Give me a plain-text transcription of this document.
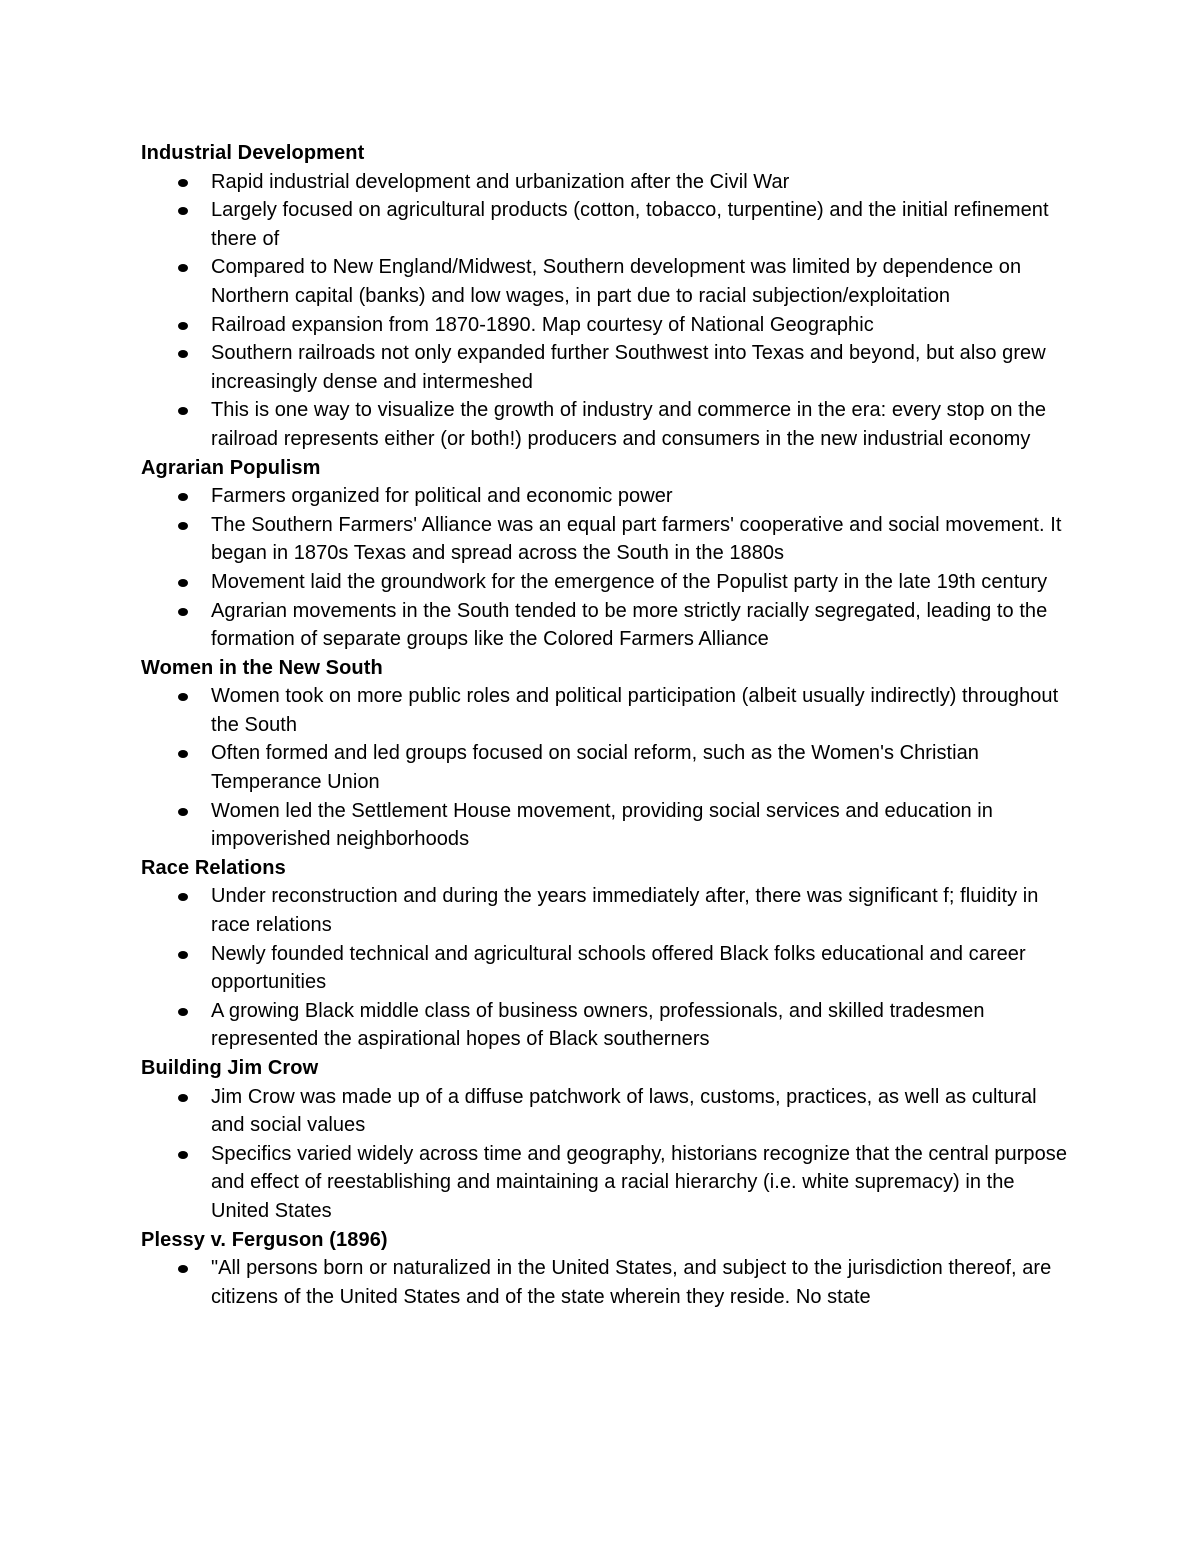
Industrial Development

Rapid industrial development and urbanization after the Civil War
Largely focused on agricultural products (cotton, tobacco, turpentine) and the initial refinement there of
Compared to New England/Midwest, Southern development was limited by dependence on Northern capital (banks) and low wages, in part due to racial subjection/exploitation
Railroad expansion from 1870-1890. Map courtesy of National Geographic
Southern railroads not only expanded further Southwest into Texas and beyond, but also grew increasingly dense and intermeshed
This is one way to visualize the growth of industry and commerce in the era: every stop on the railroad represents either (or both!) producers and consumers in the new industrial economy

Agrarian Populism

Farmers organized for political and economic power
The Southern Farmers' Alliance was an equal part farmers' cooperative and social movement. It began in 1870s Texas and spread across the South in the 1880s
Movement laid the groundwork for the emergence of the Populist party in the late 19th century
Agrarian movements in the South tended to be more strictly racially segregated, leading to the formation of separate groups like the Colored Farmers Alliance

Women in the New South

Women took on more public roles and political participation (albeit usually indirectly) throughout the South
Often formed and led groups focused on social reform, such as the Women's Christian Temperance Union
Women led the Settlement House movement, providing social services and education in impoverished neighborhoods

Race Relations

Under reconstruction and during the years immediately after, there was significant f; fluidity in race relations
Newly founded technical and agricultural schools offered Black folks educational and career opportunities
A growing Black middle class of business owners, professionals, and skilled tradesmen represented the aspirational hopes of Black southerners

Building Jim Crow

Jim Crow was made up of a diffuse patchwork of laws, customs, practices, as well as cultural and social values
Specifics varied widely across time and geography, historians recognize that the central purpose and effect of reestablishing and maintaining a racial hierarchy (i.e. white supremacy) in the United States

Plessy v. Ferguson (1896)

"All persons born or naturalized in the United States, and subject to the jurisdiction thereof, are citizens of the United States and of the state wherein they reside. No state
